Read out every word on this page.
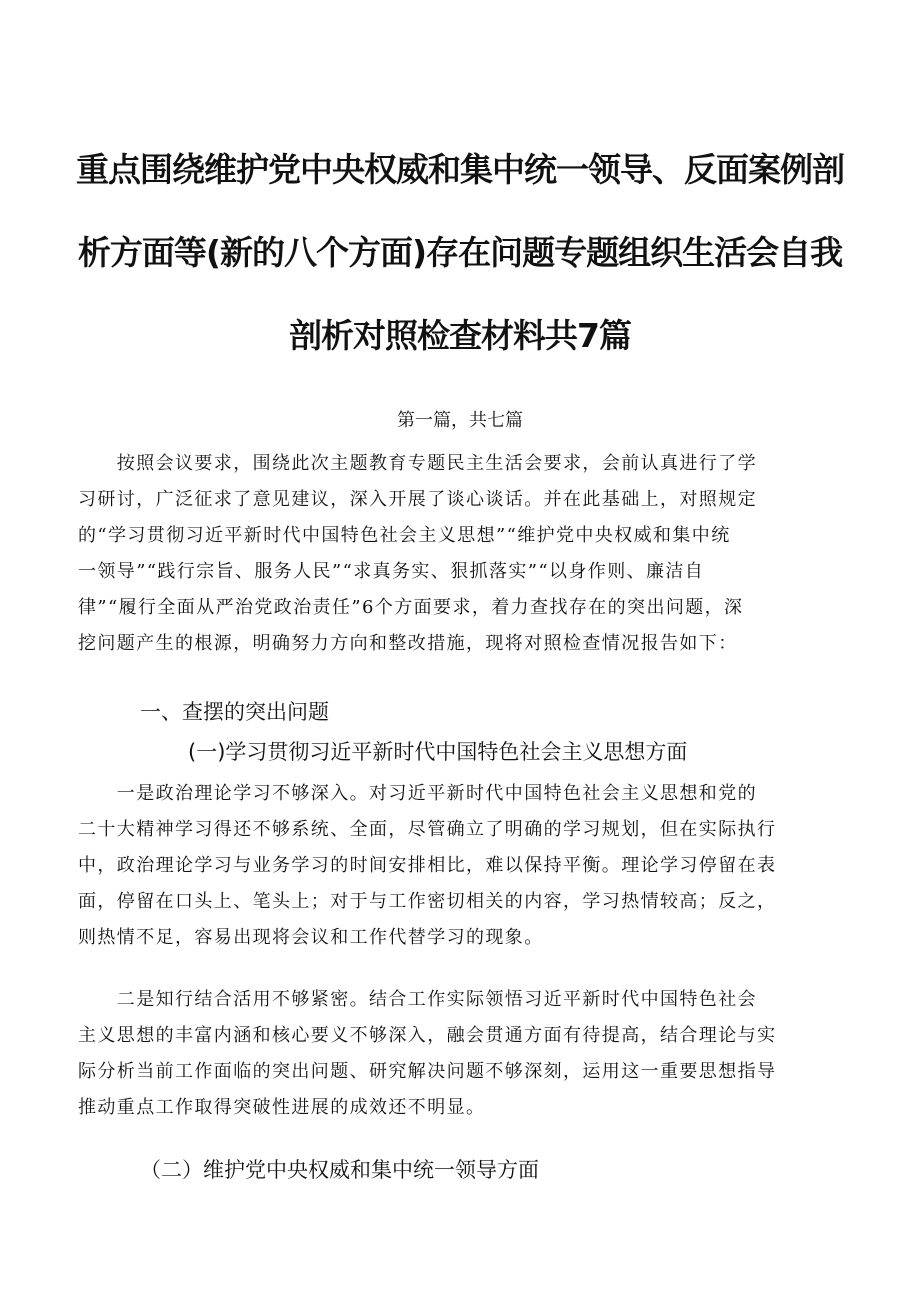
重点围绕维护党中央权威和集中统一领导、反面案例剖
析方面等(新的八个方面)存在问题专题组织生活会自我
剖析对照检查材料共7篇
第一篇，共七篇
　　按照会议要求，围绕此次主题教育专题民主生活会要求，会前认真进行了学
习研讨，广泛征求了意见建议，深入开展了谈心谈话。并在此基础上，对照规定
的“学习贯彻习近平新时代中国特色社会主义思想”“维护党中央权威和集中统
一领导”“践行宗旨、服务人民”“求真务实、狠抓落实”“以身作则、廉洁自
律”“履行全面从严治党政治责任”6个方面要求，着力查找存在的突出问题，深
挖问题产生的根源，明确努力方向和整改措施，现将对照检查情况报告如下：
一、查摆的突出问题
(一)学习贯彻习近平新时代中国特色社会主义思想方面
　　一是政治理论学习不够深入。对习近平新时代中国特色社会主义思想和党的
二十大精神学习得还不够系统、全面，尽管确立了明确的学习规划，但在实际执行
中，政治理论学习与业务学习的时间安排相比，难以保持平衡。理论学习停留在表
面，停留在口头上、笔头上；对于与工作密切相关的内容，学习热情较高；反之，
则热情不足，容易出现将会议和工作代替学习的现象。
　　二是知行结合活用不够紧密。结合工作实际领悟习近平新时代中国特色社会
主义思想的丰富内涵和核心要义不够深入，融会贯通方面有待提高，结合理论与实
际分析当前工作面临的突出问题、研究解决问题不够深刻，运用这一重要思想指导
推动重点工作取得突破性进展的成效还不明显。
（二）维护党中央权威和集中统一领导方面
